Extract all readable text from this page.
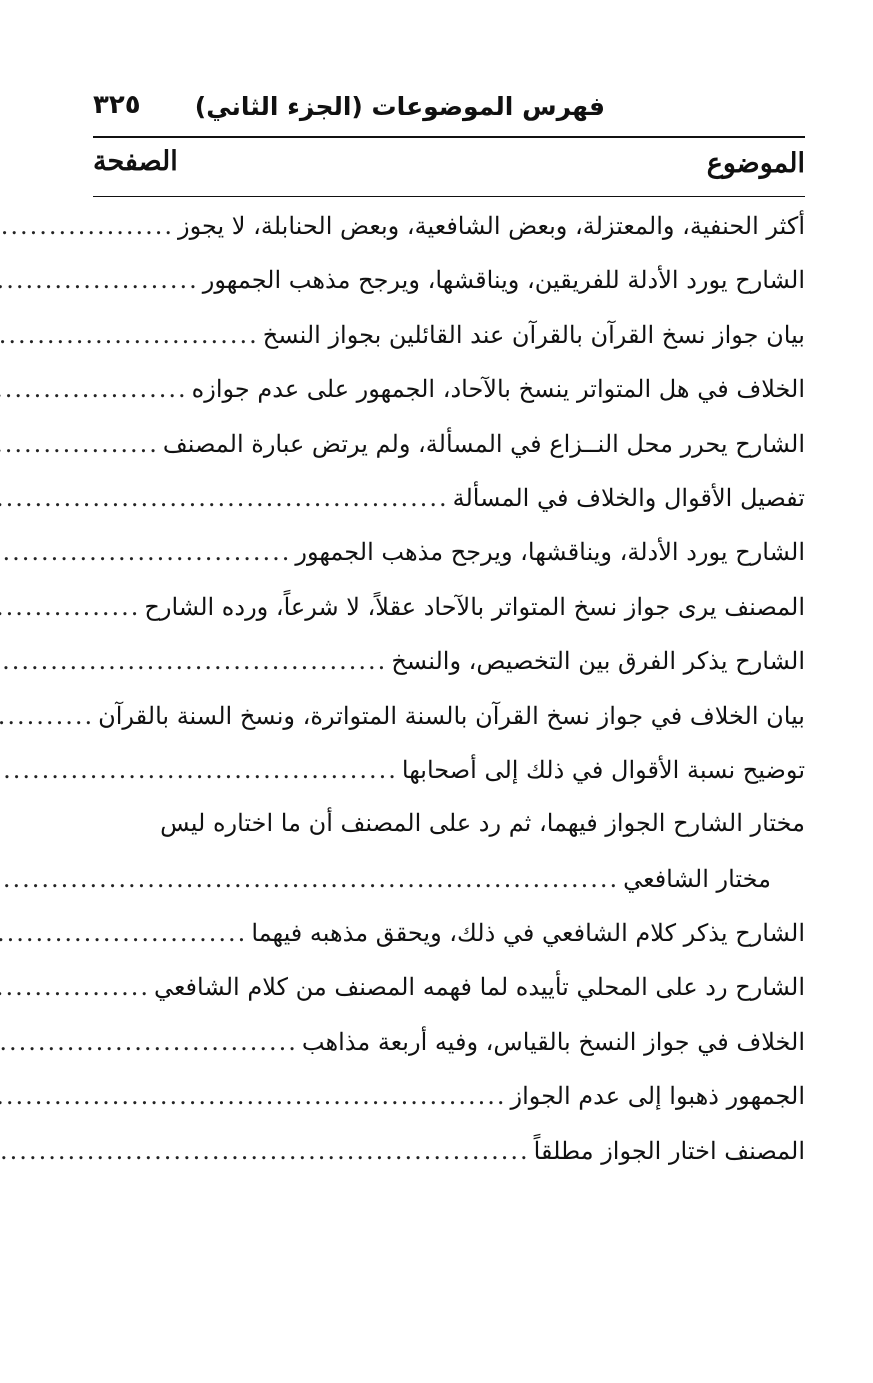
فهرس الموضوعات (الجزء الثاني)
٣٢٥
الموضوع
الصفحة
أكثر الحنفية، والمعتزلة، وبعض الشافعية، وبعض الحنابلة، لا يجوز
.....
الشارح يورد الأدلة للفريقين، ويناقشها، ويرجح مذهب الجمهور
.....
بيان جواز نسخ القرآن بالقرآن عند القائلين بجواز النسخ
.....
الخلاف في هل المتواتر ينسخ بالآحاد، الجمهور على عدم جوازه
.....
الشارح يحرر محل النــزاع في المسألة، ولم يرتض عبارة المصنف
.....
تفصيل الأقوال والخلاف في المسألة
.....
الشارح يورد الأدلة، ويناقشها، ويرجح مذهب الجمهور
.....
المصنف يرى جواز نسخ المتواتر بالآحاد عقلاً، لا شرعاً، ورده الشارح
.....
الشارح يذكر الفرق بين التخصيص، والنسخ
.....
بيان الخلاف في جواز نسخ القرآن بالسنة المتواترة، ونسخ السنة بالقرآن
.....
توضيح نسبة الأقوال في ذلك إلى أصحابها
.....
مختار الشارح الجواز فيهما، ثم رد على المصنف أن ما اختاره ليس
مختار الشافعي
.....
الشارح يذكر كلام الشافعي في ذلك، ويحقق مذهبه فيهما
.....
الشارح رد على المحلي تأييده لما فهمه المصنف من كلام الشافعي
.....
الخلاف في جواز النسخ بالقياس، وفيه أربعة مذاهب
.....
الجمهور ذهبوا إلى عدم الجواز
.....
المصنف اختار الجواز مطلقاً
.....
